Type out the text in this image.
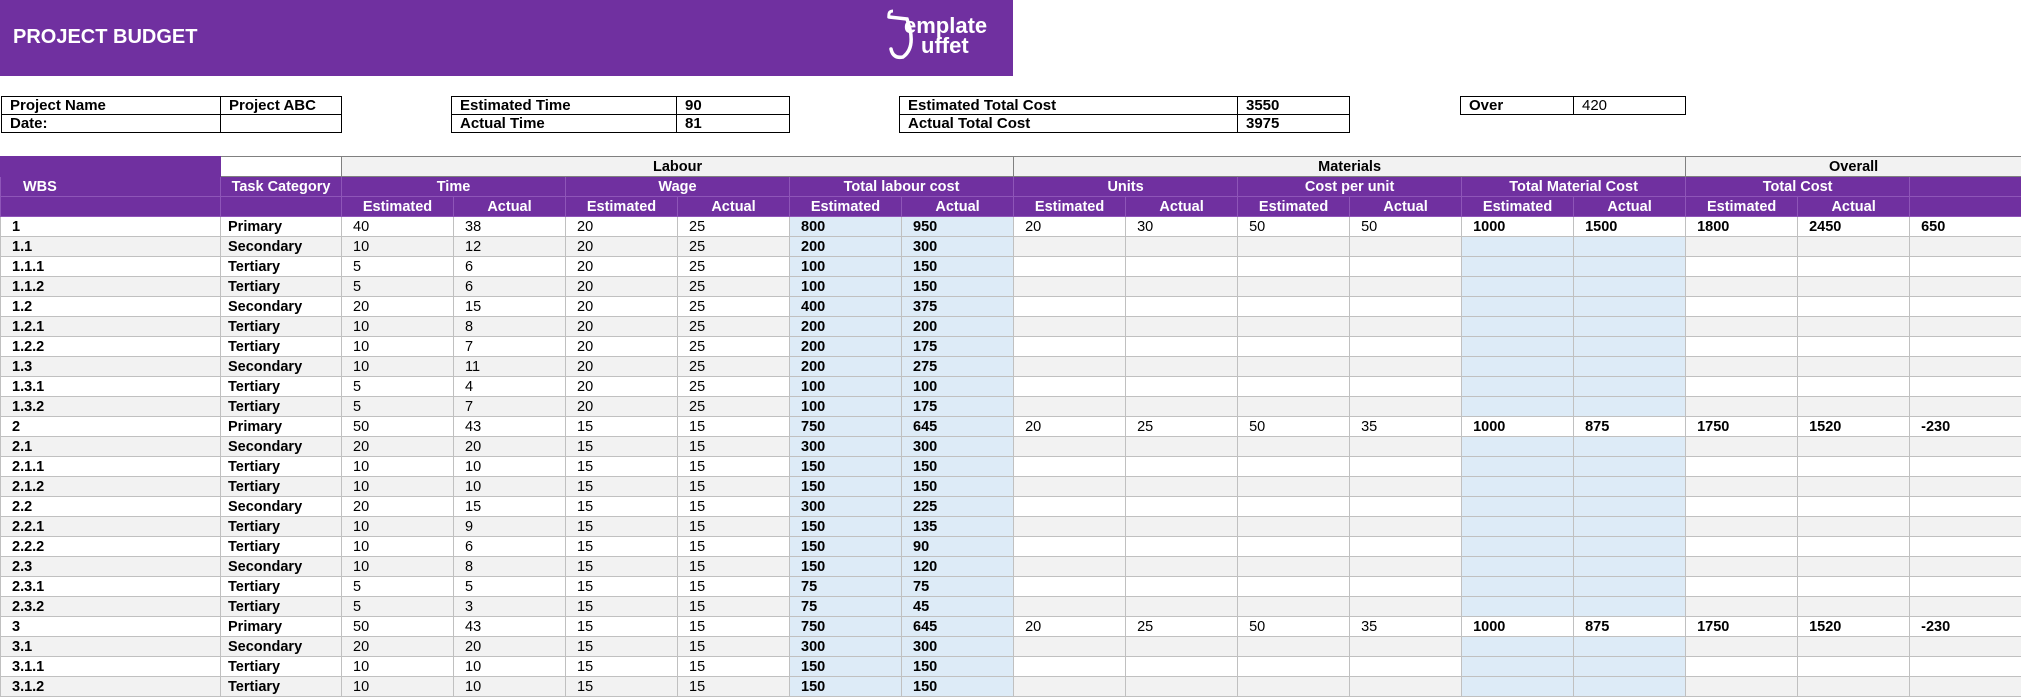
PROJECT BUDGET	emplate
uffet
Project Name	Project ABC
Date:	
Estimated Time	90
Actual Time	81
Estimated Total Cost	3550
Actual Total Cost	3975
Over	420
		Labour						Materials						Overall		
WBS	Task Category	Time		Wage		Total labour cost		Units		Cost per unit		Total Material Cost		Total Cost		
		Estimated	Actual	Estimated	Actual	Estimated	Actual	Estimated	Actual	Estimated	Actual	Estimated	Actual	Estimated	Actual	
1	Primary	40	38	20	25	800	950	20	30	50	50	1000	1500	1800	2450	650
1.1	Secondary	10	12	20	25	200	300									
1.1.1	Tertiary	5	6	20	25	100	150									
1.1.2	Tertiary	5	6	20	25	100	150									
1.2	Secondary	20	15	20	25	400	375									
1.2.1	Tertiary	10	8	20	25	200	200									
1.2.2	Tertiary	10	7	20	25	200	175									
1.3	Secondary	10	11	20	25	200	275									
1.3.1	Tertiary	5	4	20	25	100	100									
1.3.2	Tertiary	5	7	20	25	100	175									
2	Primary	50	43	15	15	750	645	20	25	50	35	1000	875	1750	1520	-230
2.1	Secondary	20	20	15	15	300	300									
2.1.1	Tertiary	10	10	15	15	150	150									
2.1.2	Tertiary	10	10	15	15	150	150									
2.2	Secondary	20	15	15	15	300	225									
2.2.1	Tertiary	10	9	15	15	150	135									
2.2.2	Tertiary	10	6	15	15	150	90									
2.3	Secondary	10	8	15	15	150	120									
2.3.1	Tertiary	5	5	15	15	75	75									
2.3.2	Tertiary	5	3	15	15	75	45									
3	Primary	50	43	15	15	750	645	20	25	50	35	1000	875	1750	1520	-230
3.1	Secondary	20	20	15	15	300	300									
3.1.1	Tertiary	10	10	15	15	150	150									
3.1.2	Tertiary	10	10	15	15	150	150									
